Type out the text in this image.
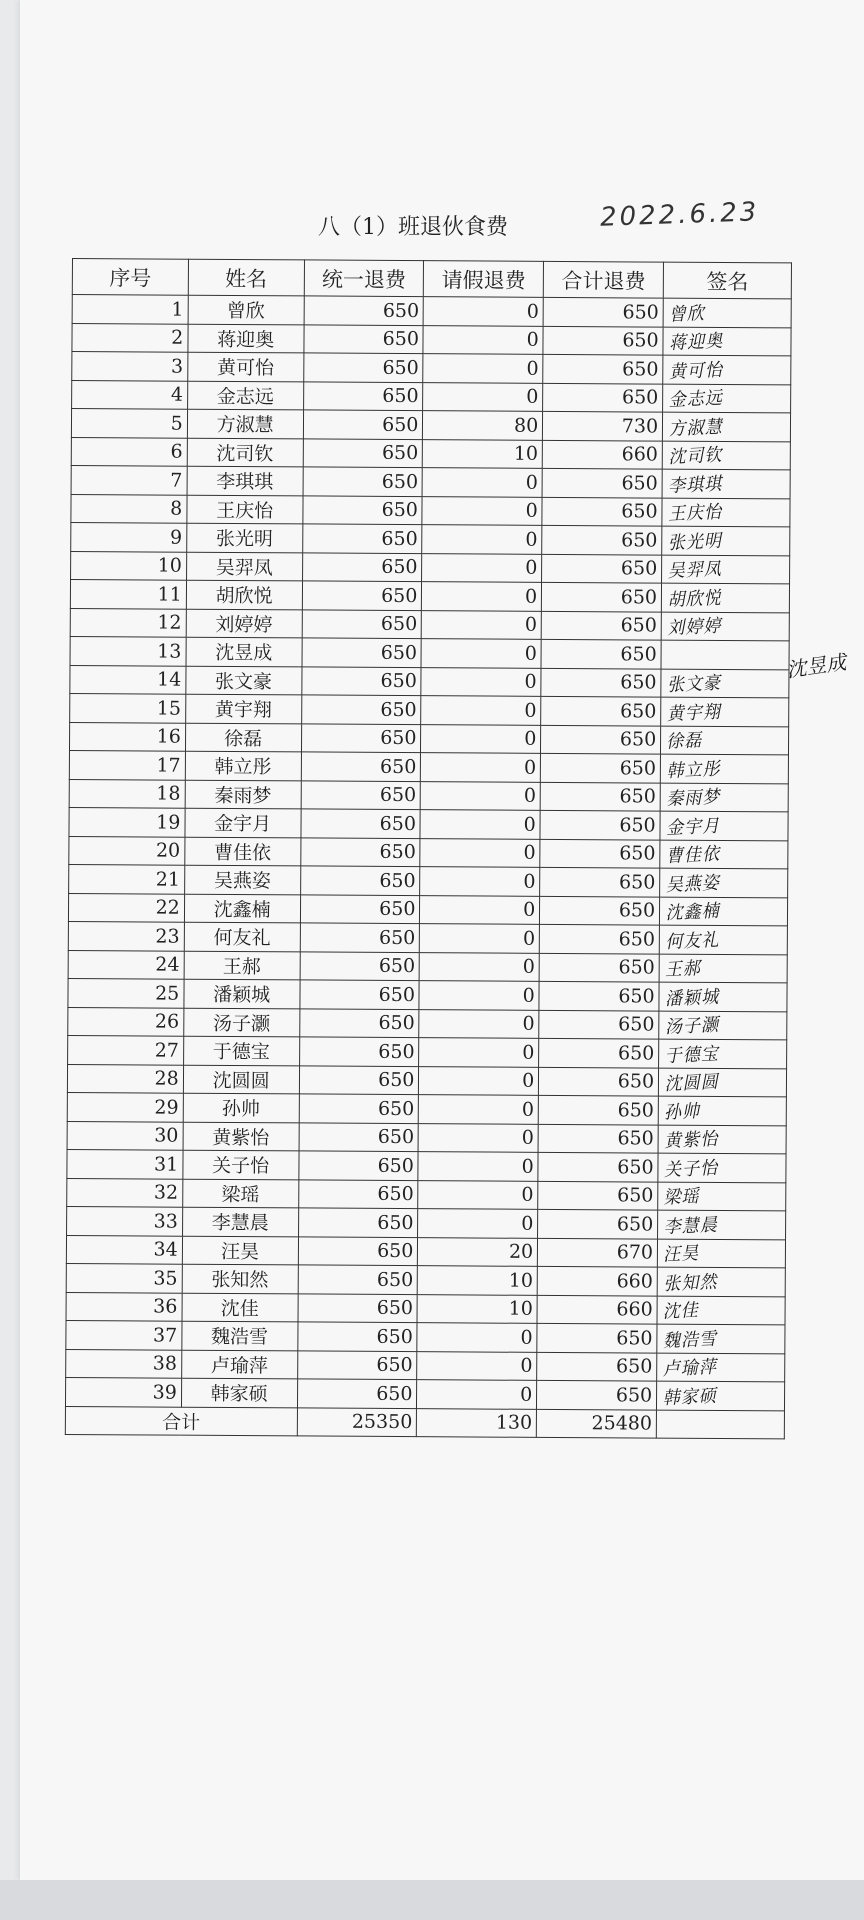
八（1）班退伙食费	2022.6.23
序号	姓名	统一退费	请假退费	合计退费	签名
1	曾欣	650	0	650	曾欣
2	蒋迎奥	650	0	650	蒋迎奥
3	黄可怡	650	0	650	黄可怡
4	金志远	650	0	650	金志远
5	方淑慧	650	80	730	方淑慧
6	沈司钦	650	10	660	沈司钦
7	李琪琪	650	0	650	李琪琪
8	王庆怡	650	0	650	王庆怡
9	张光明	650	0	650	张光明
10	吴羿凤	650	0	650	吴羿凤
11	胡欣悦	650	0	650	胡欣悦
12	刘婷婷	650	0	650	刘婷婷
13	沈昱成	650	0	650	
14	张文豪	650	0	650	张文豪
15	黄宇翔	650	0	650	黄宇翔
16	徐磊	650	0	650	徐磊
17	韩立彤	650	0	650	韩立彤
18	秦雨梦	650	0	650	秦雨梦
19	金宇月	650	0	650	金宇月
20	曹佳依	650	0	650	曹佳依
21	吴燕姿	650	0	650	吴燕姿
22	沈鑫楠	650	0	650	沈鑫楠
23	何友礼	650	0	650	何友礼
24	王郝	650	0	650	王郝
25	潘颖城	650	0	650	潘颖城
26	汤子灏	650	0	650	汤子灏
27	于德宝	650	0	650	于德宝
28	沈圆圆	650	0	650	沈圆圆
29	孙帅	650	0	650	孙帅
30	黄紫怡	650	0	650	黄紫怡
31	关子怡	650	0	650	关子怡
32	梁瑶	650	0	650	梁瑶
33	李慧晨	650	0	650	李慧晨
34	汪昊	650	20	670	汪昊
35	张知然	650	10	660	张知然
36	沈佳	650	10	660	沈佳
37	魏浩雪	650	0	650	魏浩雪
38	卢瑜萍	650	0	650	卢瑜萍
39	韩家硕	650	0	650	韩家硕
合计		25350	130	25480	
沈昱成
